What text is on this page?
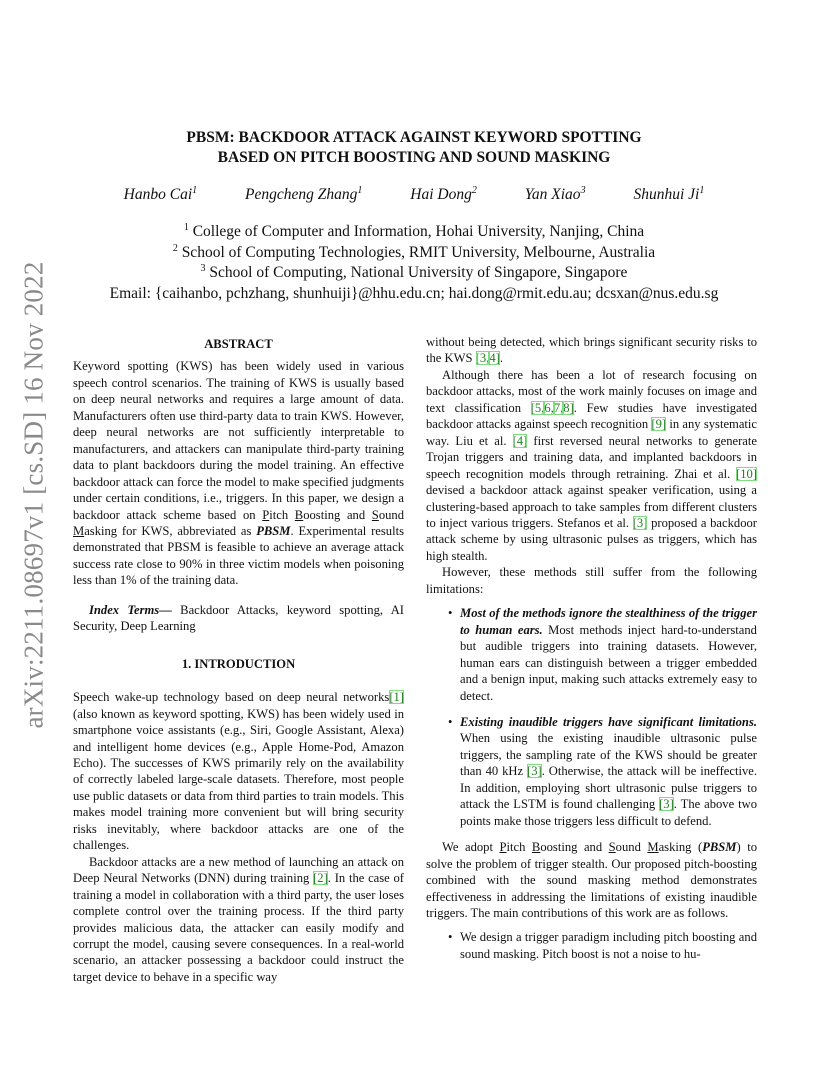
arXiv:2211.08697v1 [cs.SD] 16 Nov 2022
PBSM: BACKDOOR ATTACK AGAINST KEYWORD SPOTTING
BASED ON PITCH BOOSTING AND SOUND MASKING
Hanbo Cai$^1$	Pengcheng Zhang$^1$	Hai Dong$^2$	Yan Xiao$^3$	Shunhui Ji$^1$
$^1$ College of Computer and Information, Hohai University, Nanjing, China
$^2$ School of Computing Technologies, RMIT University, Melbourne, Australia
$^3$ School of Computing, National University of Singapore, Singapore
Email: {caihanbo, pchzhang, shunhuiji}@hhu.edu.cn; hai.dong@rmit.edu.au; dcsxan@nus.edu.sg
ABSTRACT

Keyword spotting (KWS) has been widely used in various speech control scenarios. The training of KWS is usually based on deep neural networks and requires a large amount of data. Manufacturers often use third-party data to train KWS. However, deep neural networks are not sufficiently interpretable to manufacturers, and attackers can manipulate third-party training data to plant backdoors during the model training. An effective backdoor attack can force the model to make specified judgments under certain conditions, i.e., triggers. In this paper, we design a backdoor attack scheme based on Pitch Boosting and Sound Masking for KWS, abbreviated as PBSM. Experimental results demonstrated that PBSM is feasible to achieve an average attack success rate close to 90% in three victim models when poisoning less than 1% of the training data.

Index Terms— Backdoor Attacks, keyword spotting, AI Security, Deep Learning

1. INTRODUCTION

Speech wake-up technology based on deep neural networks[1] (also known as keyword spotting, KWS) has been widely used in smartphone voice assistants (e.g., Siri, Google Assistant, Alexa) and intelligent home devices (e.g., Apple Home-Pod, Amazon Echo). The successes of KWS primarily rely on the availability of correctly labeled large-scale datasets. Therefore, most people use public datasets or data from third parties to train models. This makes model training more convenient but will bring security risks inevitably, where backdoor attacks are one of the challenges.

Backdoor attacks are a new method of launching an attack on Deep Neural Networks (DNN) during training [2]. In the case of training a model in collaboration with a third party, the user loses complete control over the training process. If the third party provides malicious data, the attacker can easily modify and corrupt the model, causing severe consequences. In a real-world scenario, an attacker possessing a backdoor could instruct the target device to behave in a specific way

without being detected, which brings significant security risks to the KWS [3,4].

Although there has been a lot of research focusing on backdoor attacks, most of the work mainly focuses on image and text classification [5,6,7,8]. Few studies have investigated backdoor attacks against speech recognition [9] in any systematic way. Liu et al. [4] first reversed neural networks to generate Trojan triggers and training data, and implanted backdoors in speech recognition models through retraining. Zhai et al. [10] devised a backdoor attack against speaker verification, using a clustering-based approach to take samples from different clusters to inject various triggers. Stefanos et al. [3] proposed a backdoor attack scheme by using ultrasonic pulses as triggers, which has high stealth.

However, these methods still suffer from the following limitations:

• Most of the methods ignore the stealthiness of the trigger to human ears. Most methods inject hard-to-understand but audible triggers into training datasets. However, human ears can distinguish between a trigger embedded and a benign input, making such attacks extremely easy to detect.
• Existing inaudible triggers have significant limitations. When using the existing inaudible ultrasonic pulse triggers, the sampling rate of the KWS should be greater than 40 kHz [3]. Otherwise, the attack will be ineffective. In addition, employing short ultrasonic pulse triggers to attack the LSTM is found challenging [3]. The above two points make those triggers less difficult to defend.

We adopt Pitch Boosting and Sound Masking (PBSM) to solve the problem of trigger stealth. Our proposed pitch-boosting combined with the sound masking method demonstrates effectiveness in addressing the limitations of existing inaudible triggers. The main contributions of this work are as follows.

• We design a trigger paradigm including pitch boosting and sound masking. Pitch boost is not a noise to hu-
